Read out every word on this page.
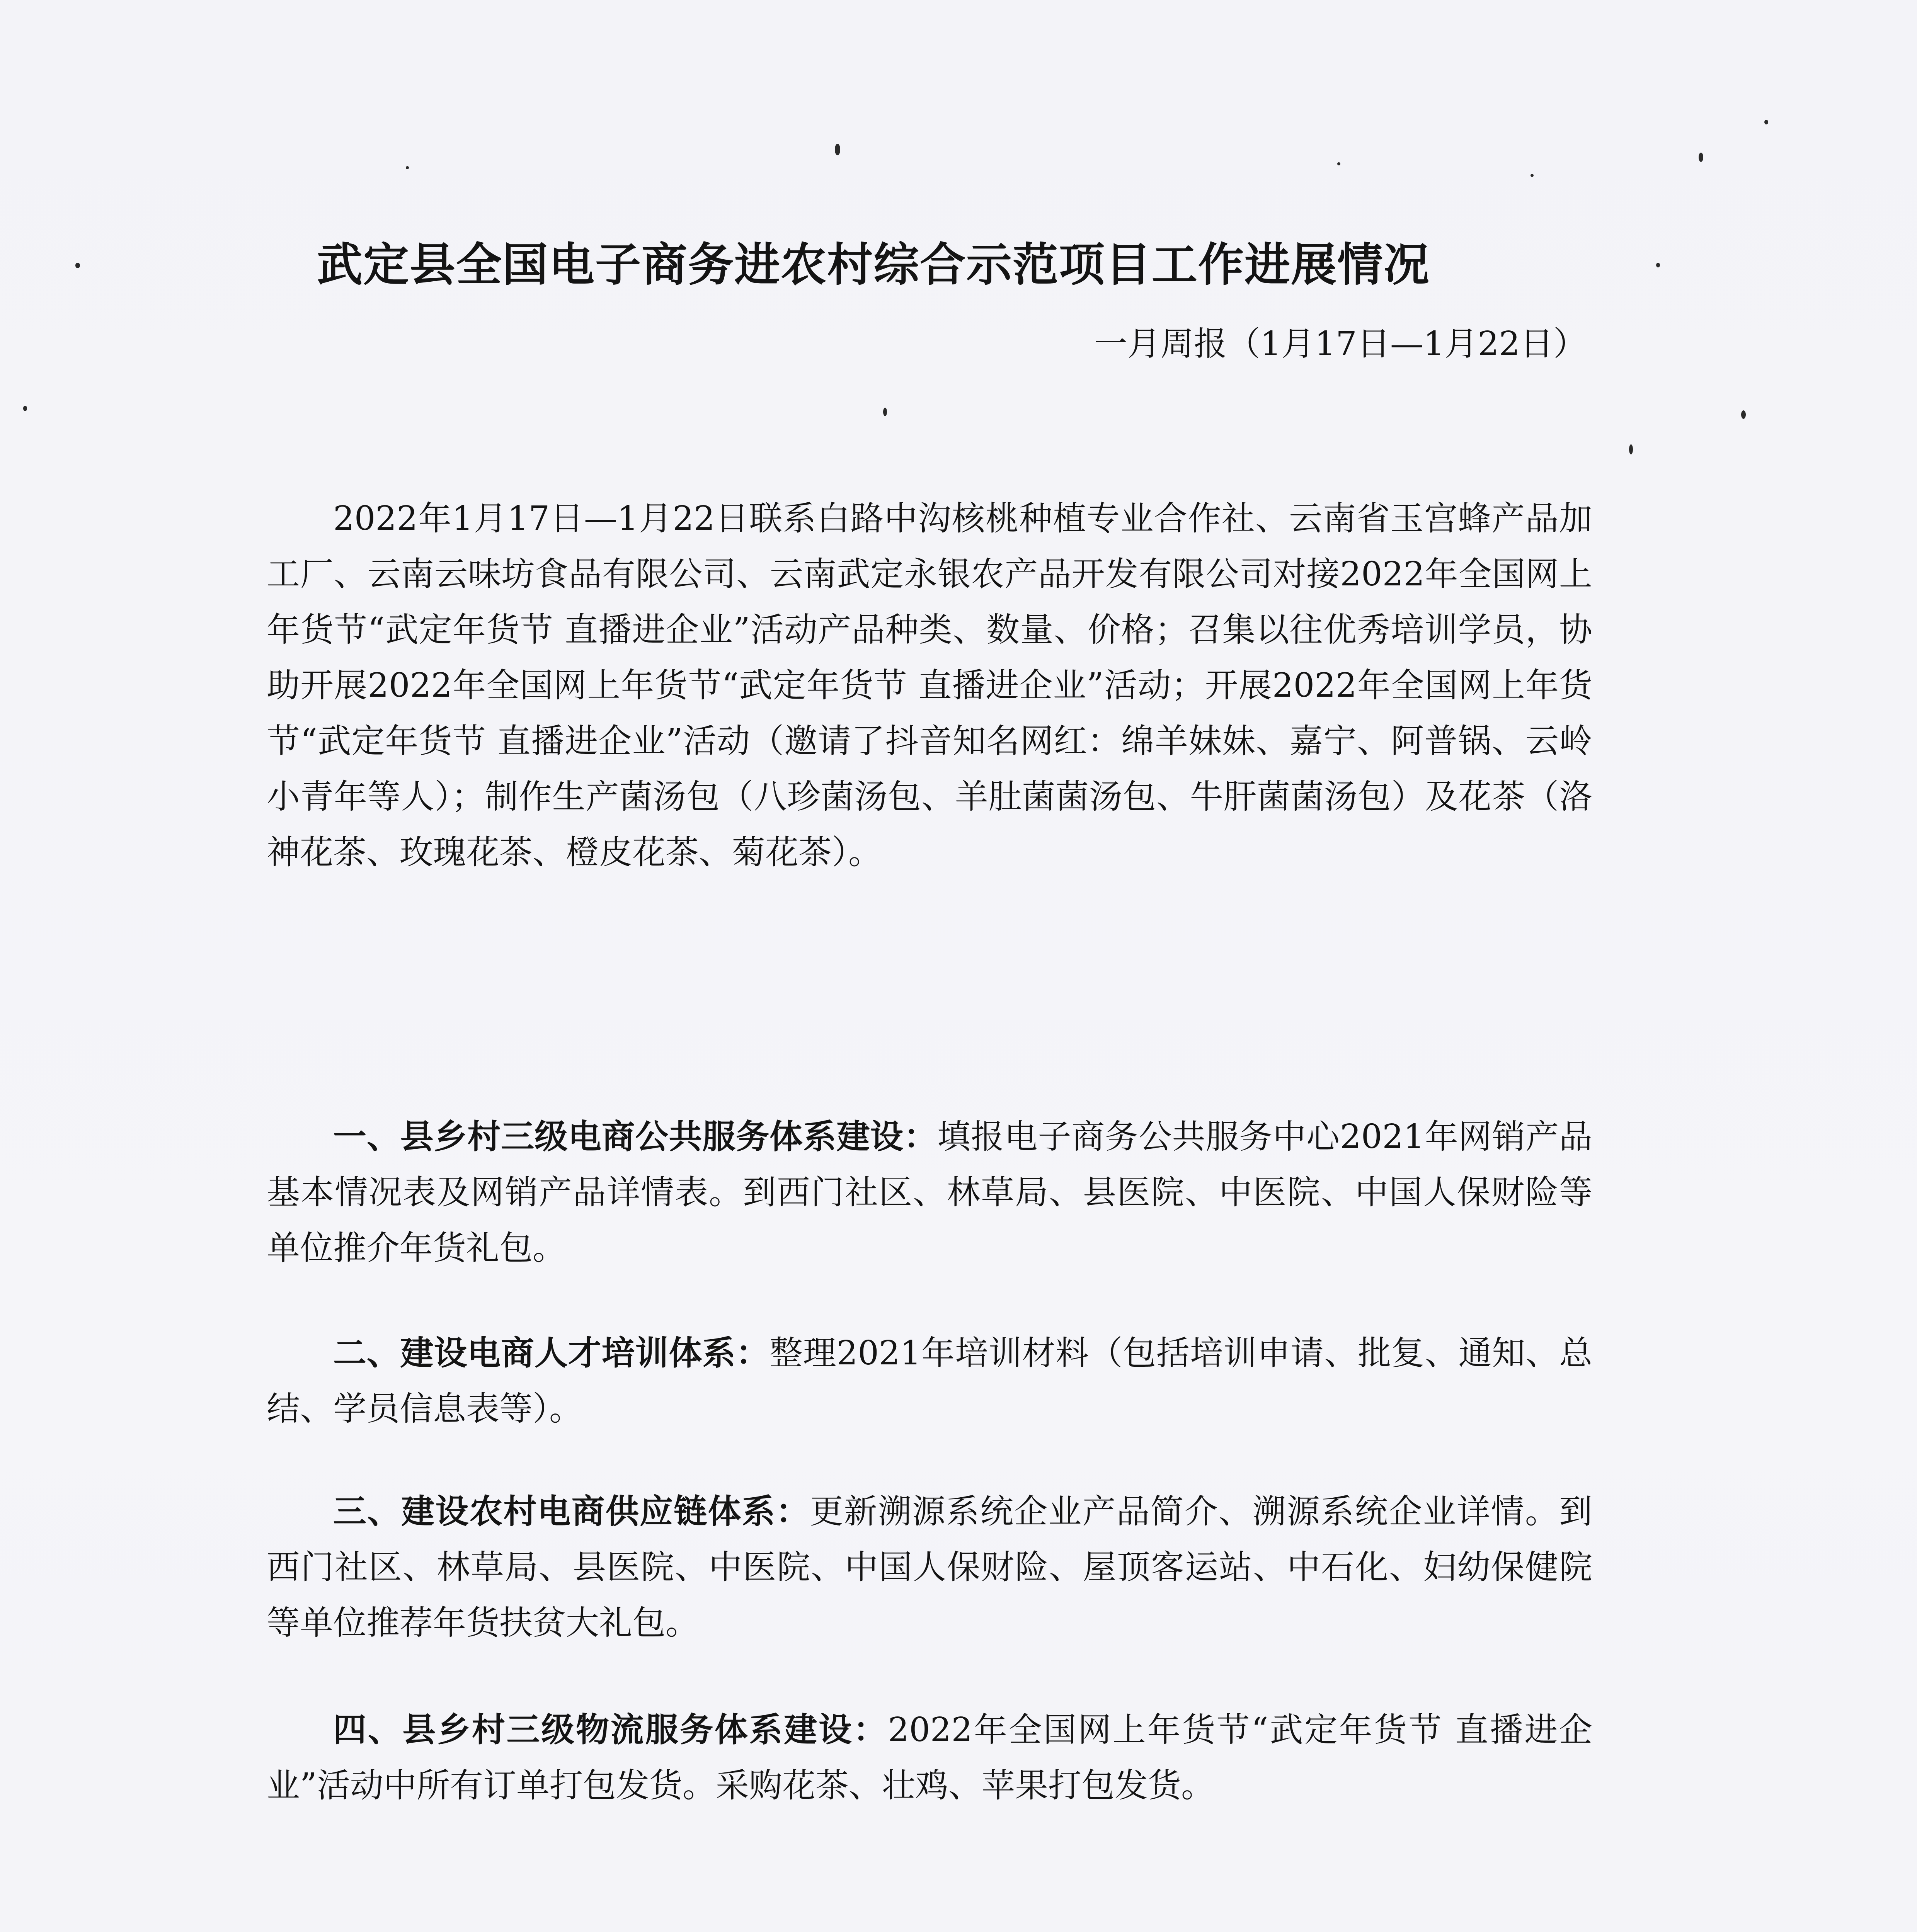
武定县全国电子商务进农村综合示范项目工作进展情况
一月周报（1月17日—1月22日）
2022年1月17日—1月22日联系白路中沟核桃种植专业合作社、云南省玉宫蜂产品加工厂、云南云味坊食品有限公司、云南武定永银农产品开发有限公司对接2022年全国网上年货节“武定年货节 直播进企业”活动产品种类、数量、价格；召集以往优秀培训学员，协助开展2022年全国网上年货节“武定年货节 直播进企业”活动；开展2022年全国网上年货节“武定年货节 直播进企业”活动（邀请了抖音知名网红：绵羊妹妹、嘉宁、阿普锅、云岭小青年等人）；制作生产菌汤包（八珍菌汤包、羊肚菌菌汤包、牛肝菌菌汤包）及花茶（洛神花茶、玫瑰花茶、橙皮花茶、菊花茶）。
一、县乡村三级电商公共服务体系建设：填报电子商务公共服务中心2021年网销产品基本情况表及网销产品详情表。到西门社区、林草局、县医院、中医院、中国人保财险等单位推介年货礼包。
二、建设电商人才培训体系：整理2021年培训材料（包括培训申请、批复、通知、总结、学员信息表等）。
三、建设农村电商供应链体系：更新溯源系统企业产品简介、溯源系统企业详情。到西门社区、林草局、县医院、中医院、中国人保财险、屋顶客运站、中石化、妇幼保健院等单位推荐年货扶贫大礼包。
四、县乡村三级物流服务体系建设：2022年全国网上年货节“武定年货节 直播进企业”活动中所有订单打包发货。采购花茶、壮鸡、苹果打包发货。
